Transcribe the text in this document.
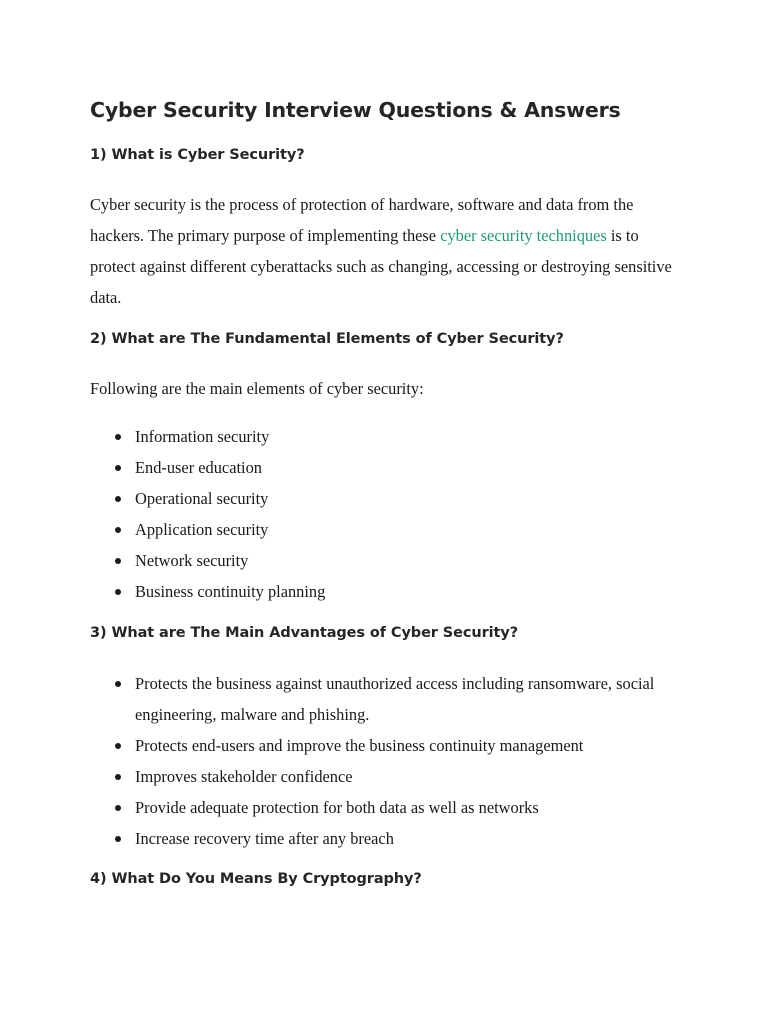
Cyber Security Interview Questions & Answers
1) What is Cyber Security?

Cyber security is the process of protection of hardware, software and data from the hackers. The primary purpose of implementing these cyber security techniques is to protect against different cyberattacks such as changing, accessing or destroying sensitive data.

2) What are The Fundamental Elements of Cyber Security?

Following are the main elements of cyber security:

Information security
End-user education
Operational security
Application security
Network security
Business continuity planning
3) What are The Main Advantages of Cyber Security?
Protects the business against unauthorized access including ransomware, social engineering, malware and phishing.
Protects end-users and improve the business continuity management
Improves stakeholder confidence
Provide adequate protection for both data as well as networks
Increase recovery time after any breach
4) What Do You Means By Cryptography?
